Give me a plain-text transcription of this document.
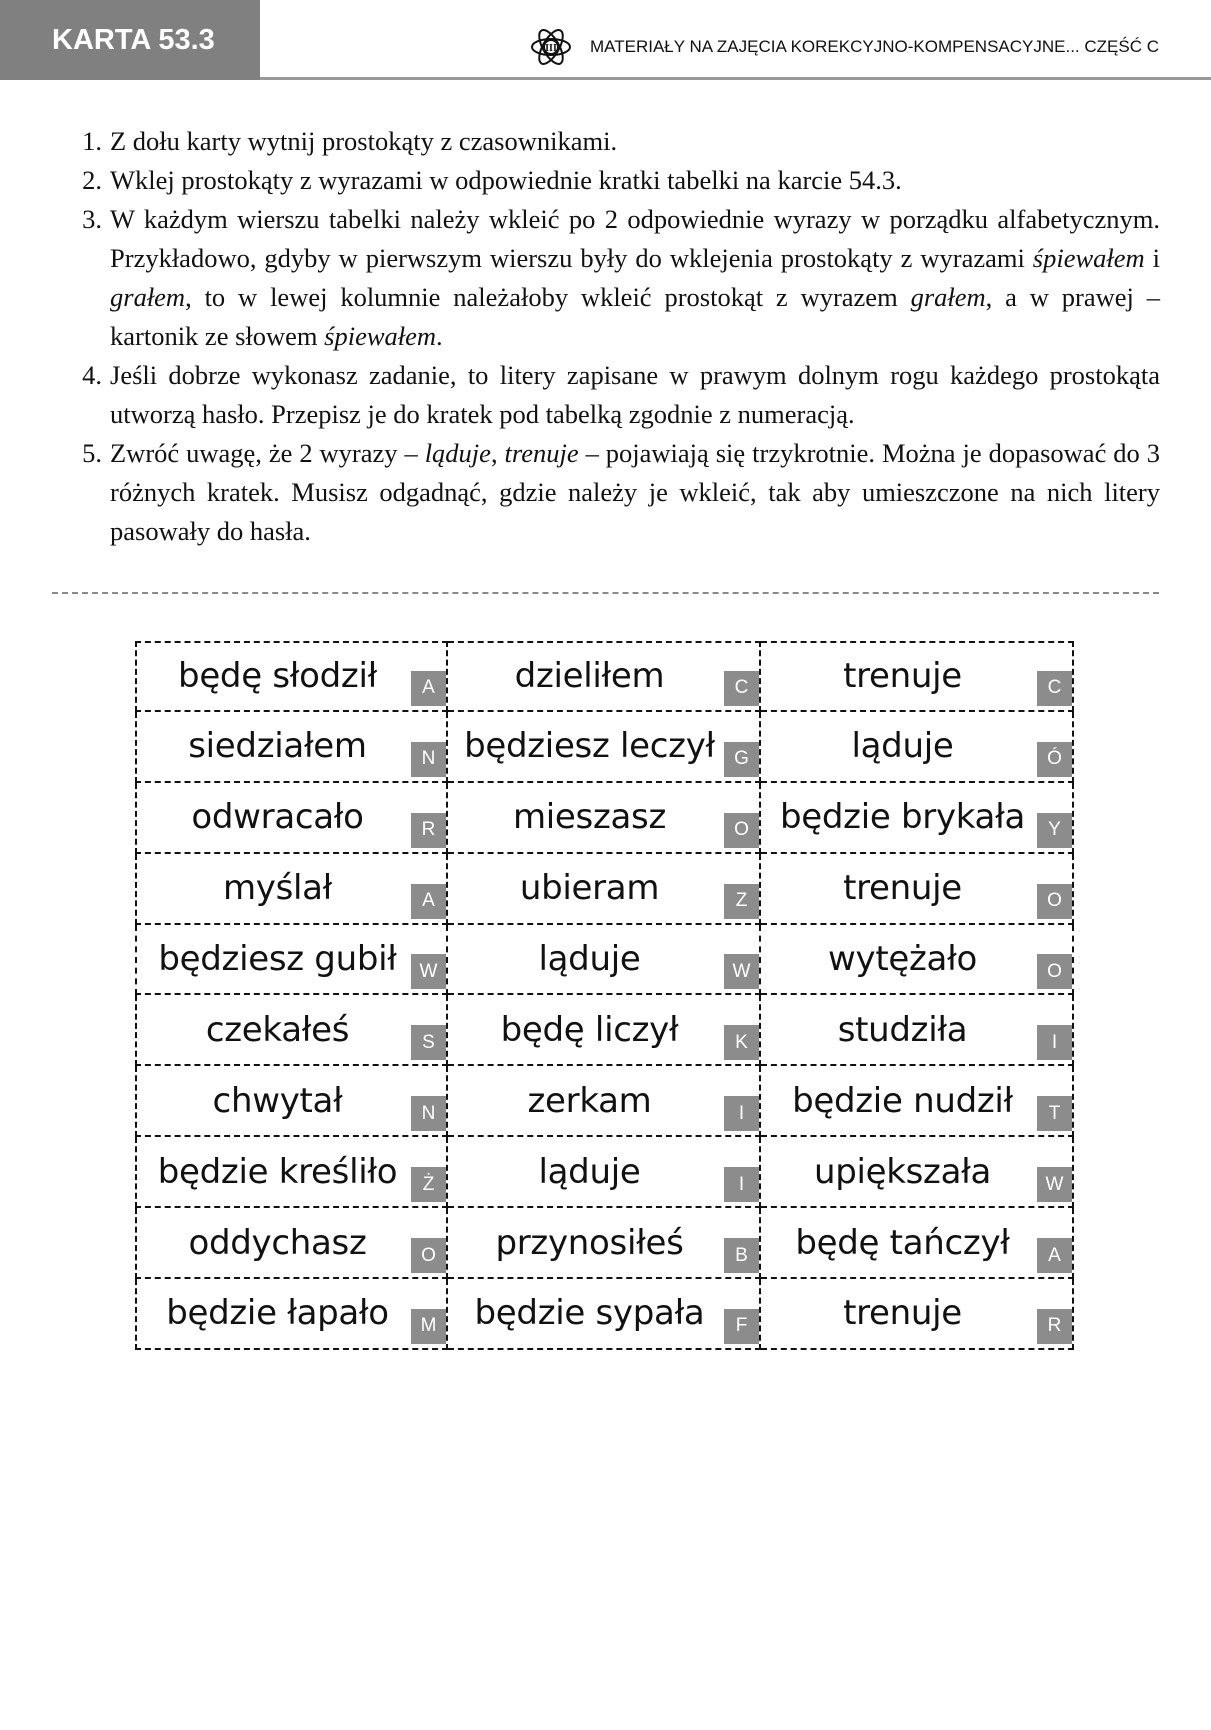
KARTA 53.3	III MATERIAŁY NA ZAJĘCIA KOREKCYJNO-KOMPENSACYJNE... CZĘŚĆ C
1. Z dołu karty wytnij prostokąty z czasownikami.
2. Wklej prostokąty z wyrazami w odpowiednie kratki tabelki na karcie 54.3.
3. W każdym wierszu tabelki należy wkleić po 2 odpowiednie wyrazy w porządku alfabetycznym. Przykładowo, gdyby w pierwszym wierszu były do wklejenia prostokąty z wyrazami śpiewałem i grałem, to w lewej kolumnie należałoby wkleić prostokąt z wyrazem grałem, a w prawej – kartonik ze słowem śpiewałem.
4. Jeśli dobrze wykonasz zadanie, to litery zapisane w prawym dolnym rogu każdego prostokąta utworzą hasło. Przepisz je do kratek pod tabelką zgodnie z numeracją.
5. Zwróć uwagę, że 2 wyrazy – ląduje, trenuje – pojawiają się trzykrotnie. Można je dopasować do 3 różnych kratek. Musisz odgadnąć, gdzie należy je wkleić, tak aby umieszczone na nich litery pasowały do hasła.
będę słodził	A	dzieliłem	C	trenuje	C
siedziałem	N będziesz leczył	G	ląduje	Ó
odwracało	R	mieszasz	O będzie brykała	Y
myślał	A	ubieram	Z	trenuje	O
będziesz gubił	W	ląduje	W wytężało	O
czekałeś	S	będę liczył	K	studziła	I
chwytał	N	zerkam	I	będzie nudził	T
będzie kreśliło	Ż	ląduje	I	upiększała	W
oddychasz	O przynosiłeś	B	będę tańczył	A
będzie łapało	M będzie sypała	F	trenuje	R
